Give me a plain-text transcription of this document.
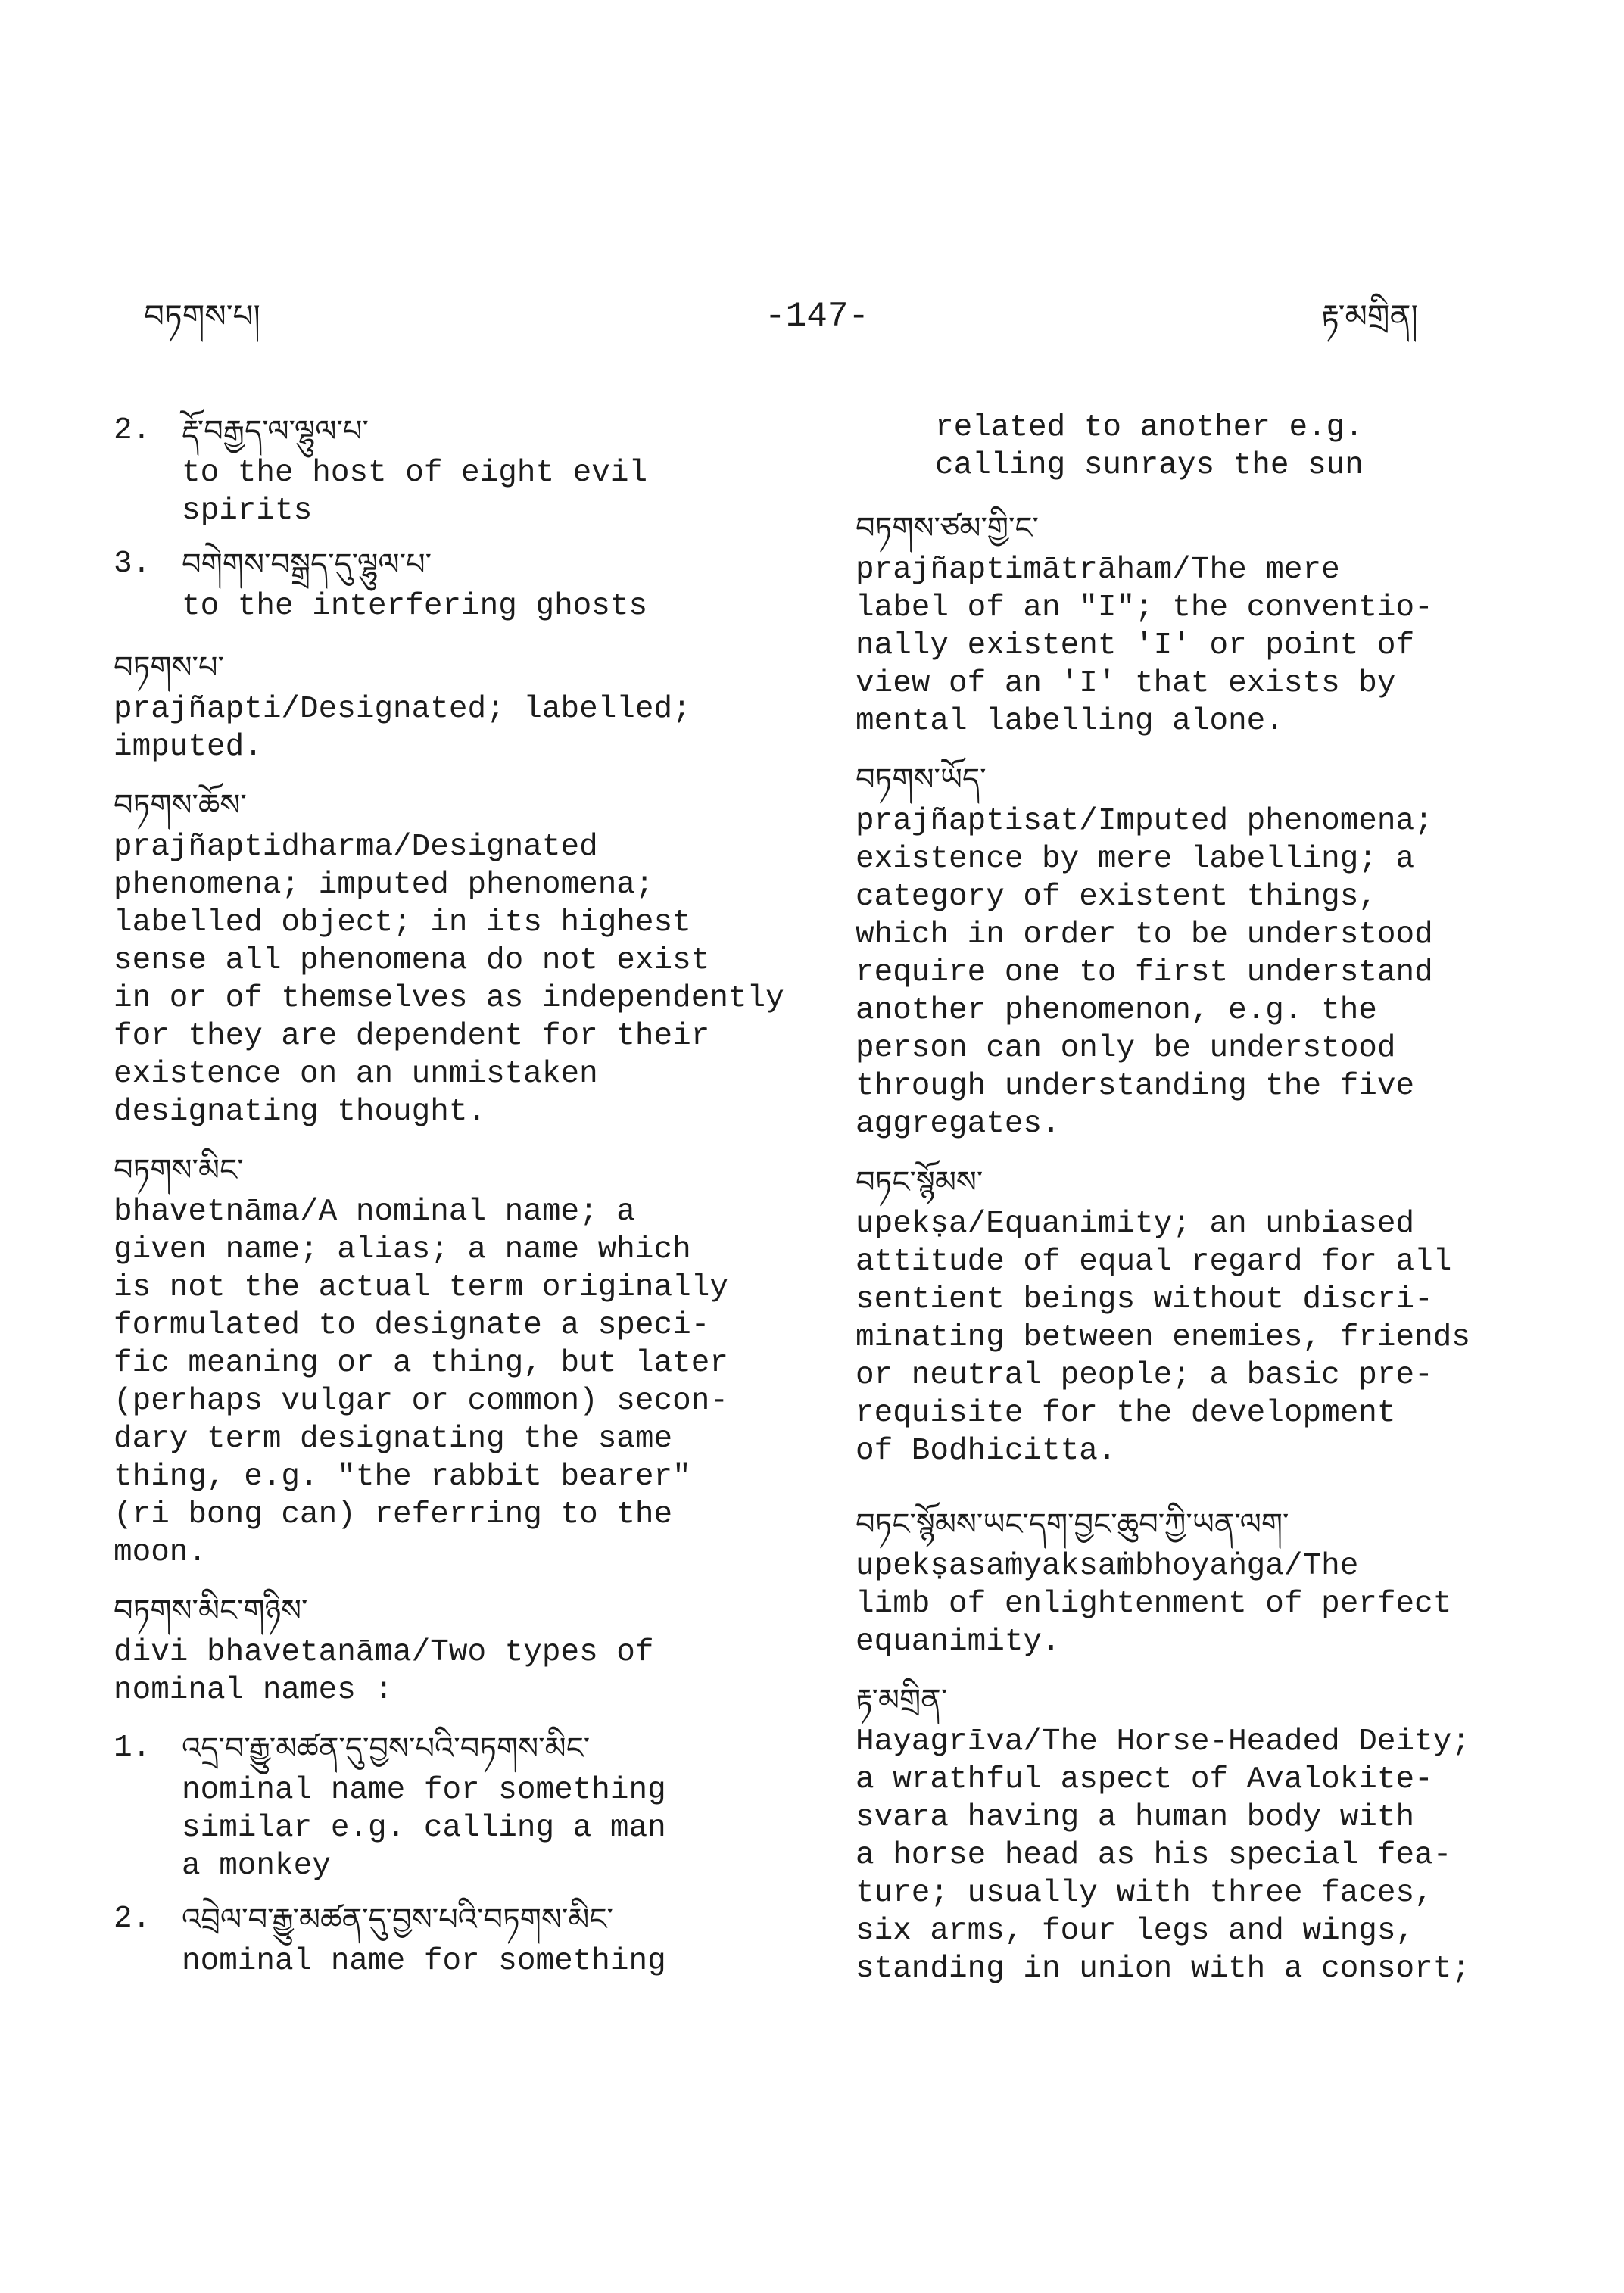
བཏགས་པ།	-147-	རྟ་མགྲིན།
2. རྡོ་བརྒྱད་ལ་ལྷུལ་པ་
to the host of eight evil
spirits
3. བགེགས་བསྒྲད་དུ་ལྷུལ་པ་
to the interfering ghosts
བཏགས་པ་
prajñapti/Designated; labelled;
imputed.
བཏགས་ཆོས་
prajñaptidharma/Designated
phenomena; imputed phenomena;
labelled object; in its highest
sense all phenomena do not exist
in or of themselves as independently
for they are dependent for their
existence on an unmistaken
designating thought.
བཏགས་མིང་
bhavetnāma/A nominal name; a
given name; alias; a name which
is not the actual term originally
formulated to designate a speci-
fic meaning or a thing, but later
(perhaps vulgar or common) secon-
dary term designating the same
thing, e.g. "the rabbit bearer"
(ri bong can) referring to the
moon.
བཏགས་མིང་གཉིས་
divi bhavetanāma/Two types of
nominal names :
1. འདྲ་བ་རྒྱུ་མཚན་དུ་བྱས་པའི་བཏགས་མིང་
nominal name for something
similar e.g. calling a man
a monkey
2. འབྲེལ་བ་རྒྱུ་མཚན་དུ་བྱས་པའི་བཏགས་མིང་
nominal name for something
related to another e.g.
calling sunrays the sun
བཏགས་ཙམ་གྱི་ང་
prajñaptimātrāham/The mere
label of an "I"; the conventio-
nally existent 'I' or point of
view of an 'I' that exists by
mental labelling alone.
བཏགས་ཡོད་
prajñaptisat/Imputed phenomena;
existence by mere labelling; a
category of existent things,
which in order to be understood
require one to first understand
another phenomenon, e.g. the
person can only be understood
through understanding the five
aggregates.
བཏང་སྙོམས་
upekṣa/Equanimity; an unbiased
attitude of equal regard for all
sentient beings without discri-
minating between enemies, friends
or neutral people; a basic pre-
requisite for the development
of Bodhicitta.
བཏང་སྙོམས་ཡང་དག་བྱང་ཆུབ་ཀྱི་ཡན་ལག་
upekṣasaṁyaksaṁbhoyaṅga/The
limb of enlightenment of perfect
equanimity.
རྟ་མགྲིན་
Hayagrīva/The Horse-Headed Deity;
a wrathful aspect of Avalokite-
svara having a human body with
a horse head as his special fea-
ture; usually with three faces,
six arms, four legs and wings,
standing in union with a consort;
